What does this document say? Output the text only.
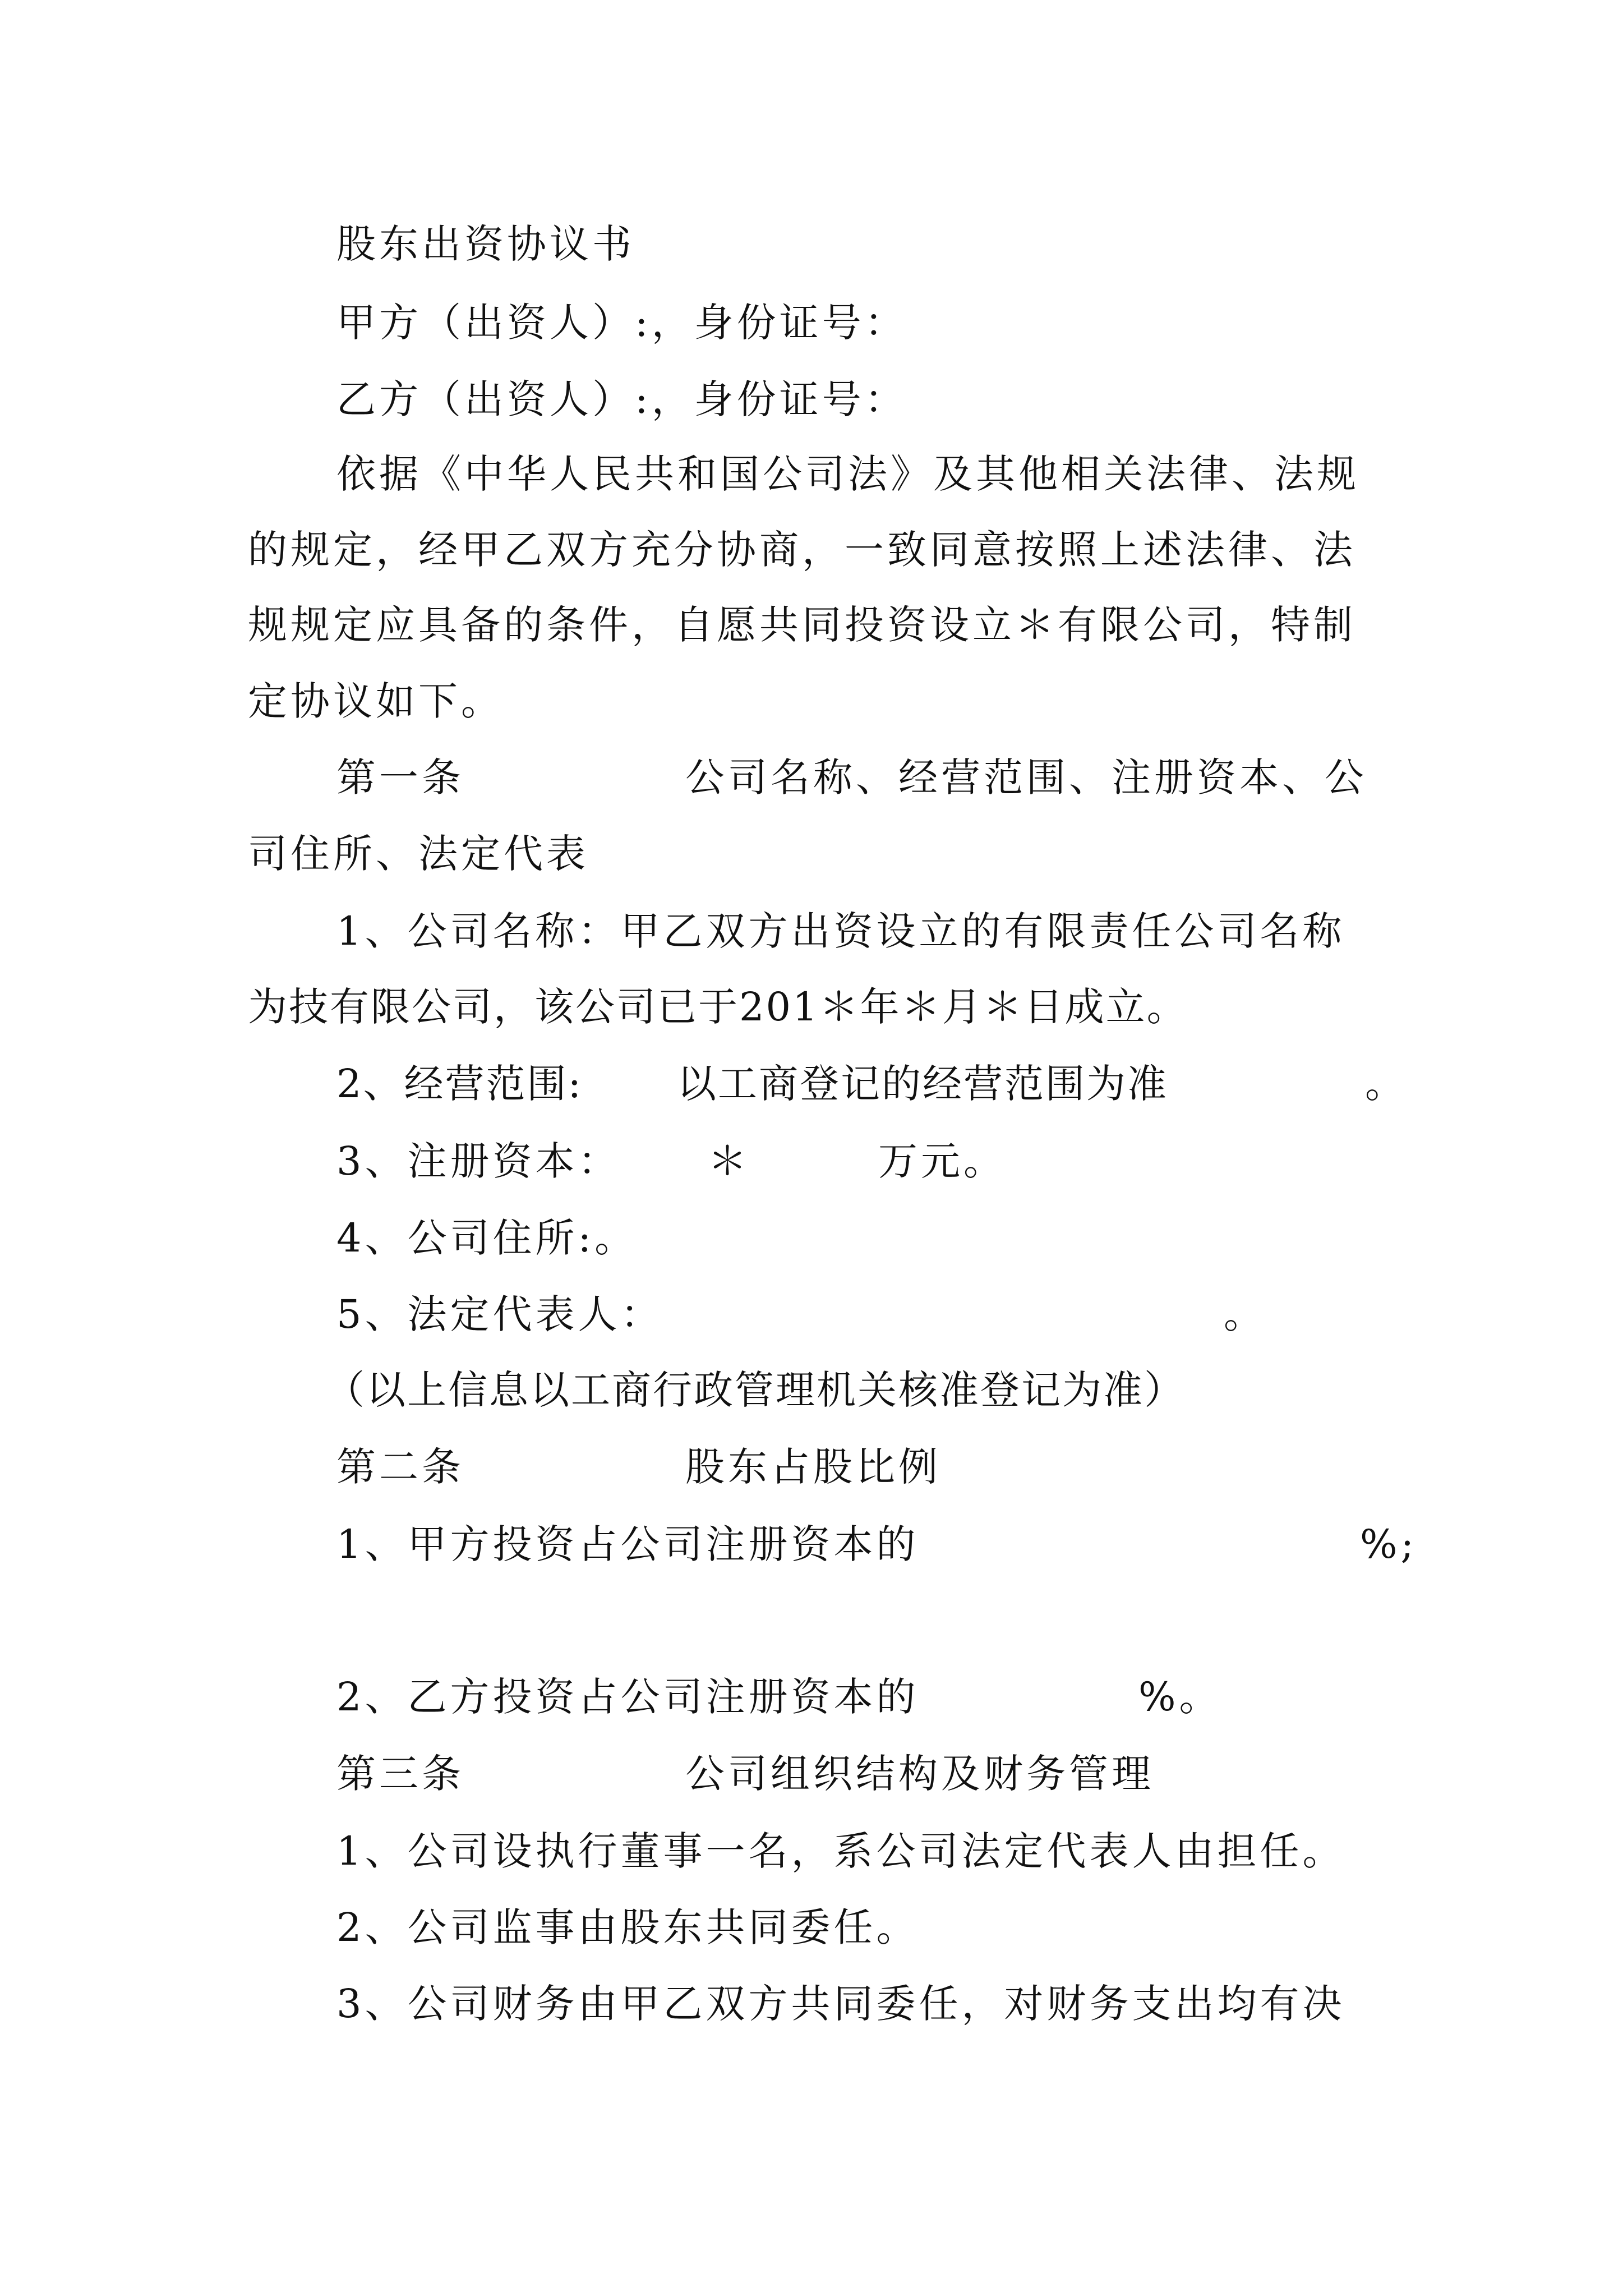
股东出资协议书
甲方（出资人）:，身份证号：
乙方（出资人）:，身份证号：
依据《中华人民共和国公司法》及其他相关法律、法规
的规定，经甲乙双方充分协商，一致同意按照上述法律、法
规规定应具备的条件，自愿共同投资设立＊有限公司，特制
定协议如下。
第一条	公司名称、经营范围、注册资本、公
司住所、法定代表
1、公司名称：甲乙双方出资设立的有限责任公司名称
为技有限公司，该公司已于201＊年＊月＊日成立。
2、经营范围: 以工商登记的经营范围为准	。
3、注册资本： ＊	万元。
4、公司住所:。
5、法定代表人：	。
（以上信息以工商行政管理机关核准登记为准）
第二条	股东占股比例
1、甲方投资占公司注册资本的	%;
2、乙方投资占公司注册资本的	%。
第三条	公司组织结构及财务管理
1、公司设执行董事一名，系公司法定代表人由担任。
2、公司监事由股东共同委任。
3、公司财务由甲乙双方共同委任，对财务支出均有决
